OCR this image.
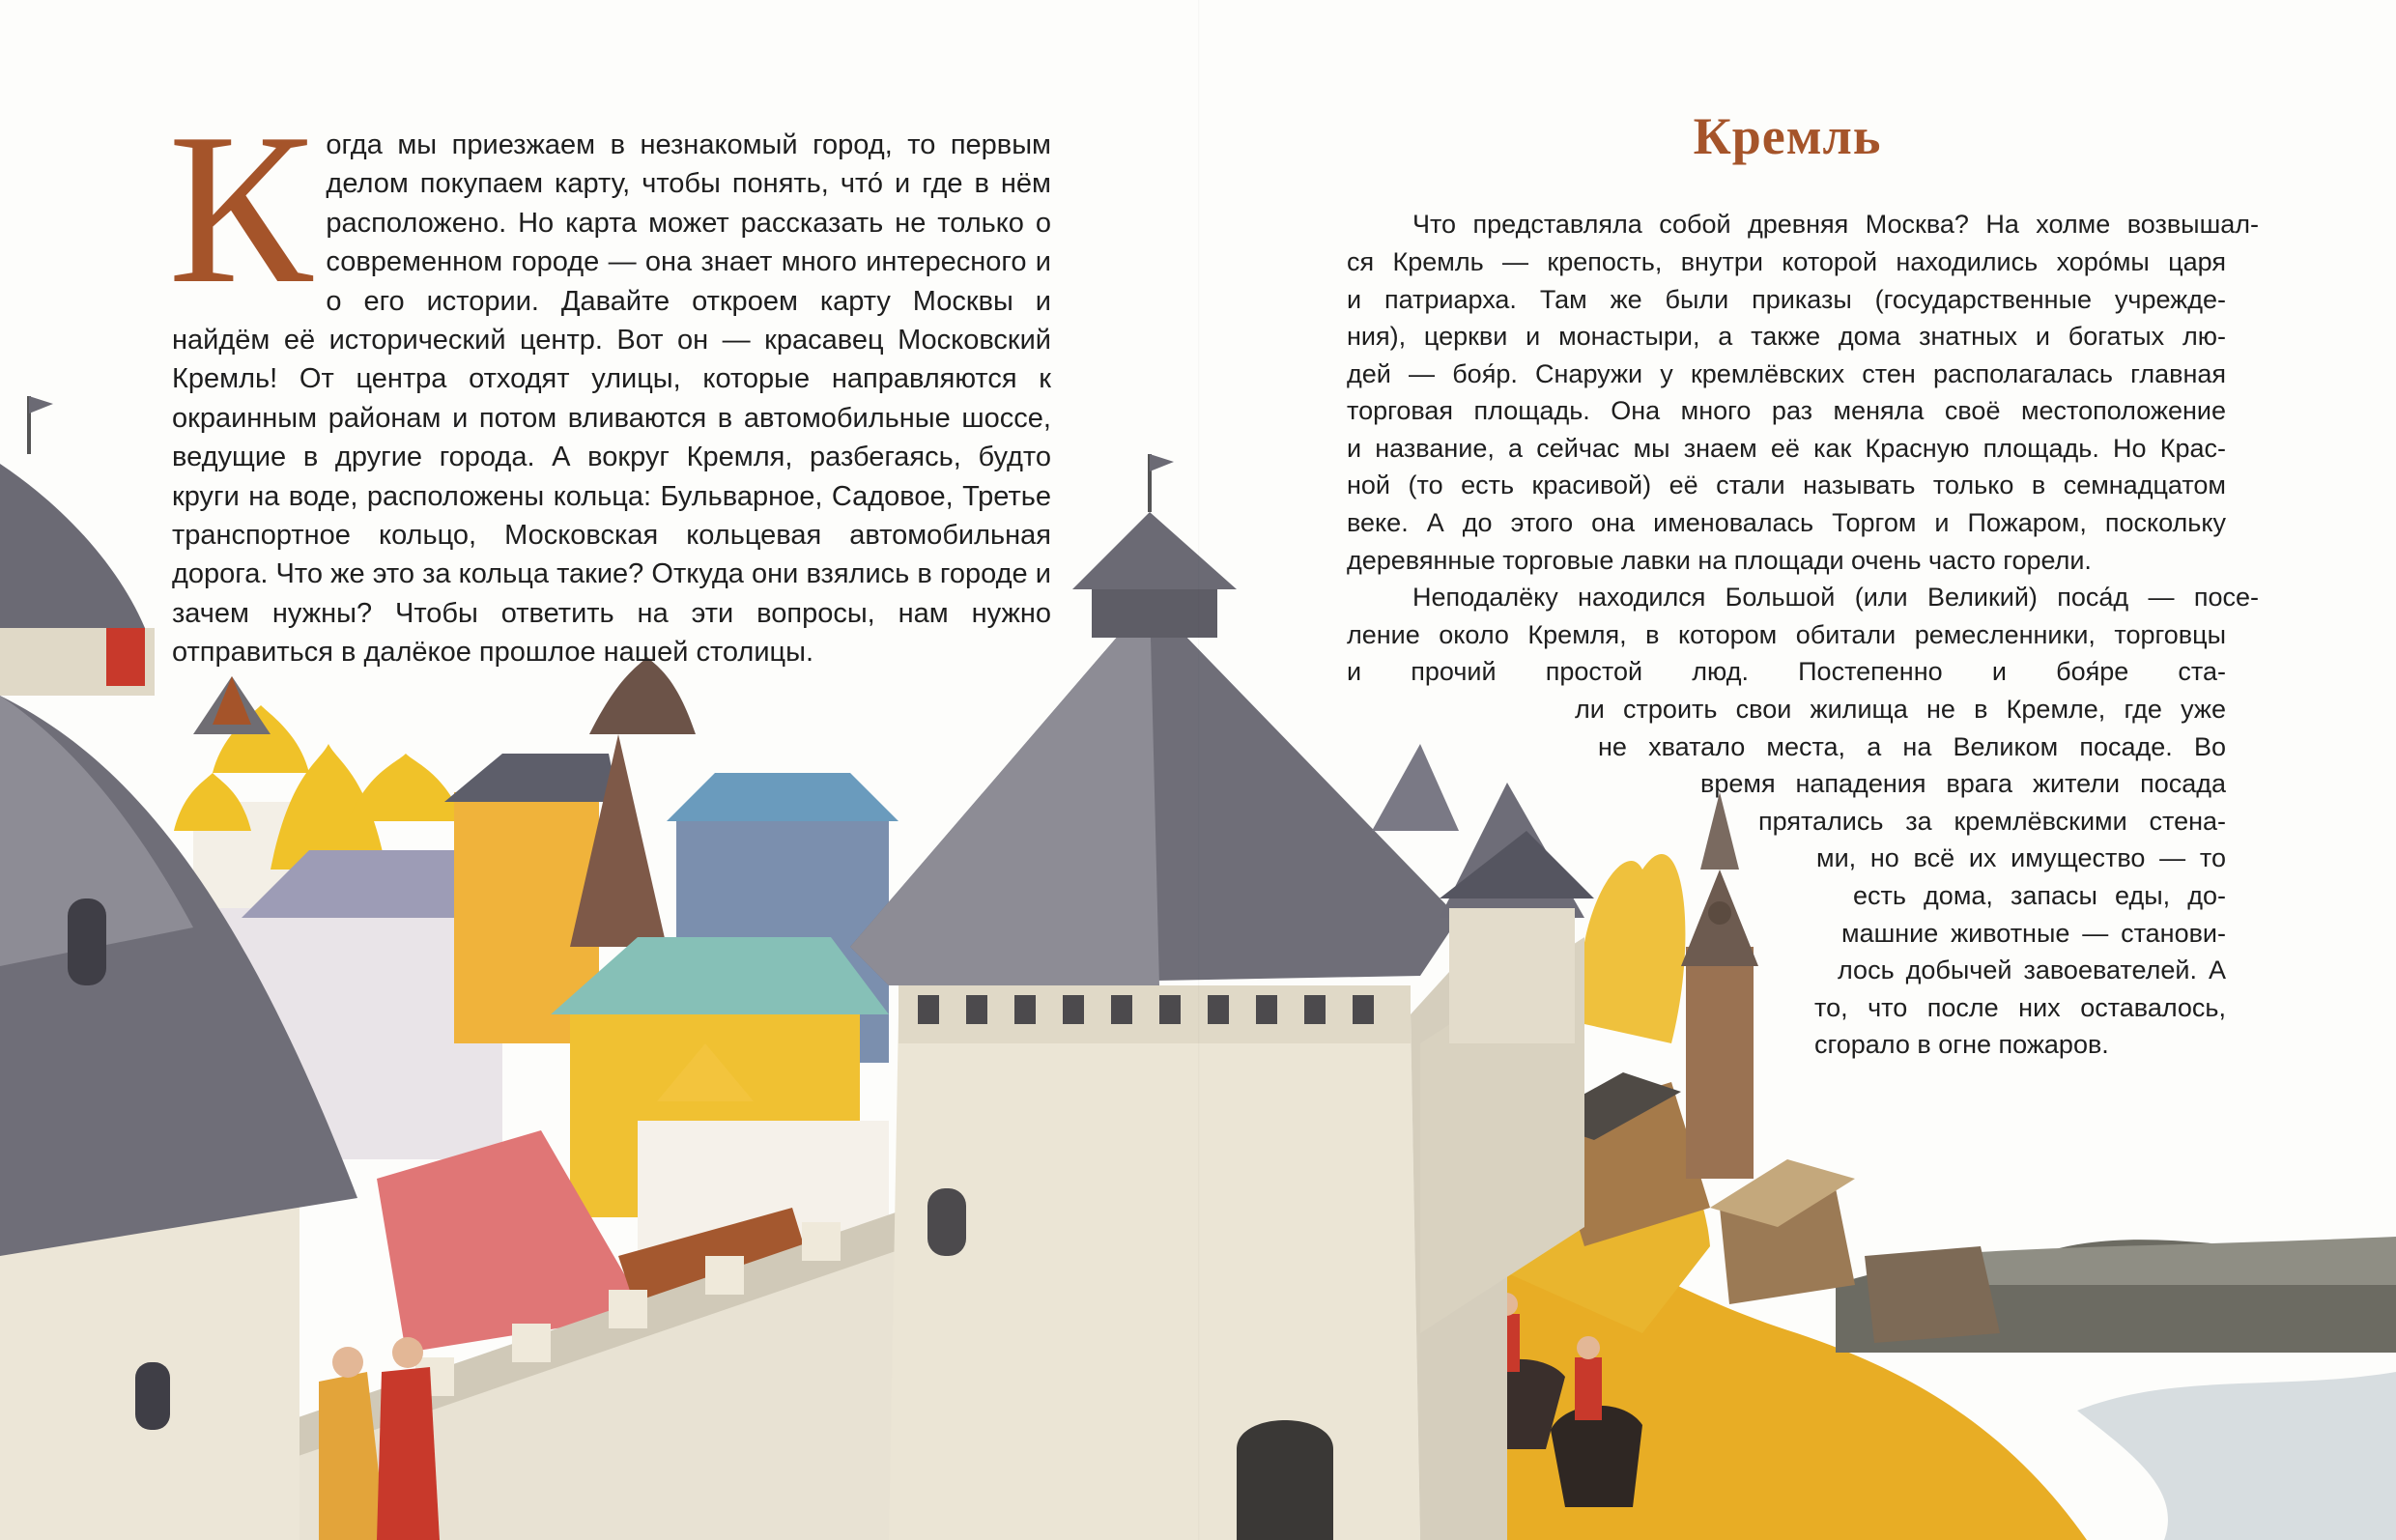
К огда мы приезжаем в незнакомый город, то первым делом покупаем карту, чтобы понять, что́ и где в нём расположено. Но карта может рассказать не только о современном городе — она знает много интересного и о его истории. Давайте откроем карту Москвы и найдём её исторический центр. Вот он — красавец Московский Кремль! От центра отходят улицы, которые направляются к окраинным районам и потом вливаются в автомобильные шоссе, ведущие в другие города. А вокруг Кремля, разбегаясь, будто круги на воде, расположены кольца: Бульварное, Садовое, Третье транспортное кольцо, Московская кольцевая автомобильная дорога. Что же это за кольца такие? Откуда они взялись в городе и зачем нужны? Чтобы ответить на эти вопросы, нам нужно отправиться в далёкое прошлое нашей столицы.

Кремль
Что представляла собой древняя Москва? На холме возвышал-
ся Кремль — крепость, внутри которой находились хоро́мы царя
и патриарха. Там же были приказы (государственные учрежде-
ния), церкви и монастыри, а также дома знатных и богатых лю-
дей — боя́р. Снаружи у кремлёвских стен располагалась главная
торговая площадь. Она много раз меняла своё местоположение
и название, а сейчас мы знаем её как Красную площадь. Но Крас-
ной (то есть красивой) её стали называть только в семнадцатом
веке. А до этого она именовалась Торгом и Пожаром, поскольку
деревянные торговые лавки на площади очень часто горели.
Неподалёку находился Большой (или Великий) поса́д — посе-
ление около Кремля, в котором обитали ремесленники, торговцы
и прочий простой люд. Постепенно и боя́ре ста-
ли строить свои жилища не в Кремле, где уже
не хватало места, а на Великом посаде. Во
время нападения врага жители посада
прятались за кремлёвскими стена-
ми, но всё их имущество — то
есть дома, запасы еды, до-
машние животные — станови-
лось добычей завоевателей. А
то, что после них оставалось,
сгорало в огне пожаров.
